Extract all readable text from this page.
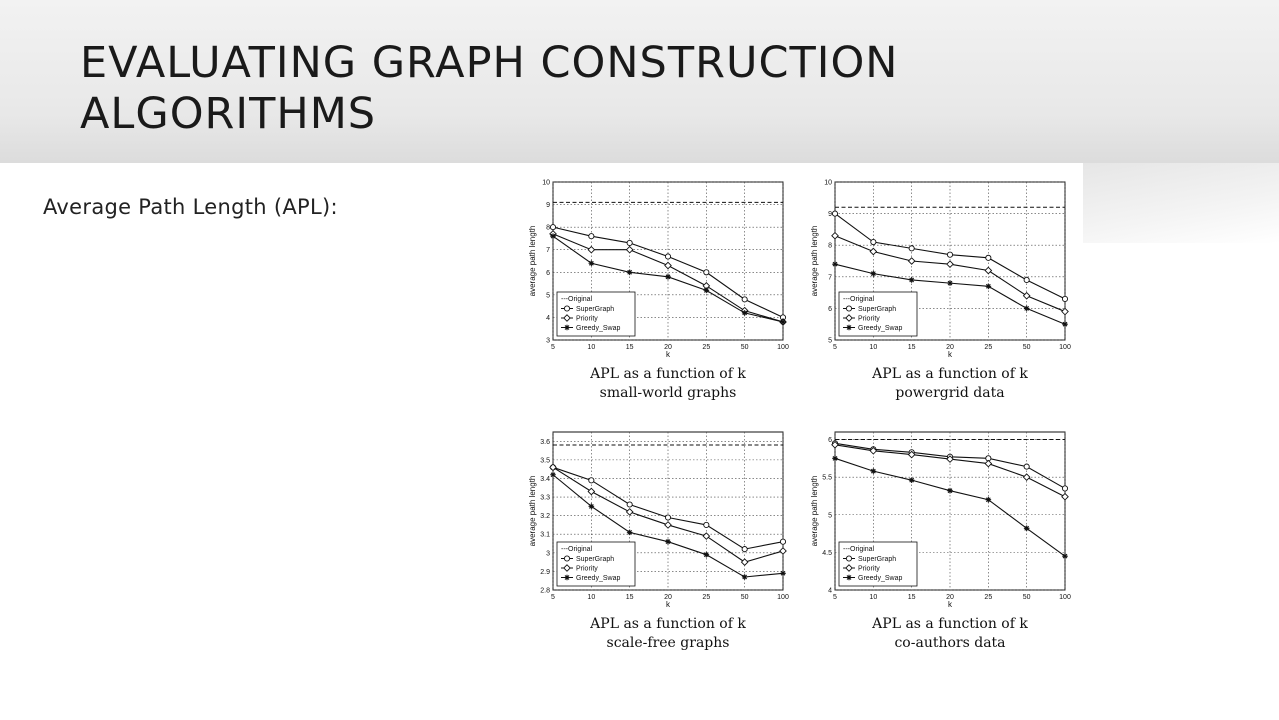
EVALUATING GRAPH CONSTRUCTION
ALGORITHMS
Average Path Length (APL):
3
4
5
6
7
8
9
10
5	10	15	20	25	50	100
k
average path length
---Original
SuperGraph
Priority
Greedy_Swap
APL as a function of k
small-world graphs
5
6
7
8
9
10
5	10	15	20	25	50	100
k
average path length
---Original
SuperGraph
Priority
Greedy_Swap
APL as a function of k
powergrid data
2.8
2.9
3
3.1
3.2
3.3
3.4
3.5
3.6
5	10	15	20	25	50	100
k
average path length
---Original
SuperGraph
Priority
Greedy_Swap
APL as a function of k
scale-free graphs
4
4.5
5
5.5
6
5	10	15	20	25	50	100
k
average path length
---Original
SuperGraph
Priority
Greedy_Swap
APL as a function of k
co-authors data
